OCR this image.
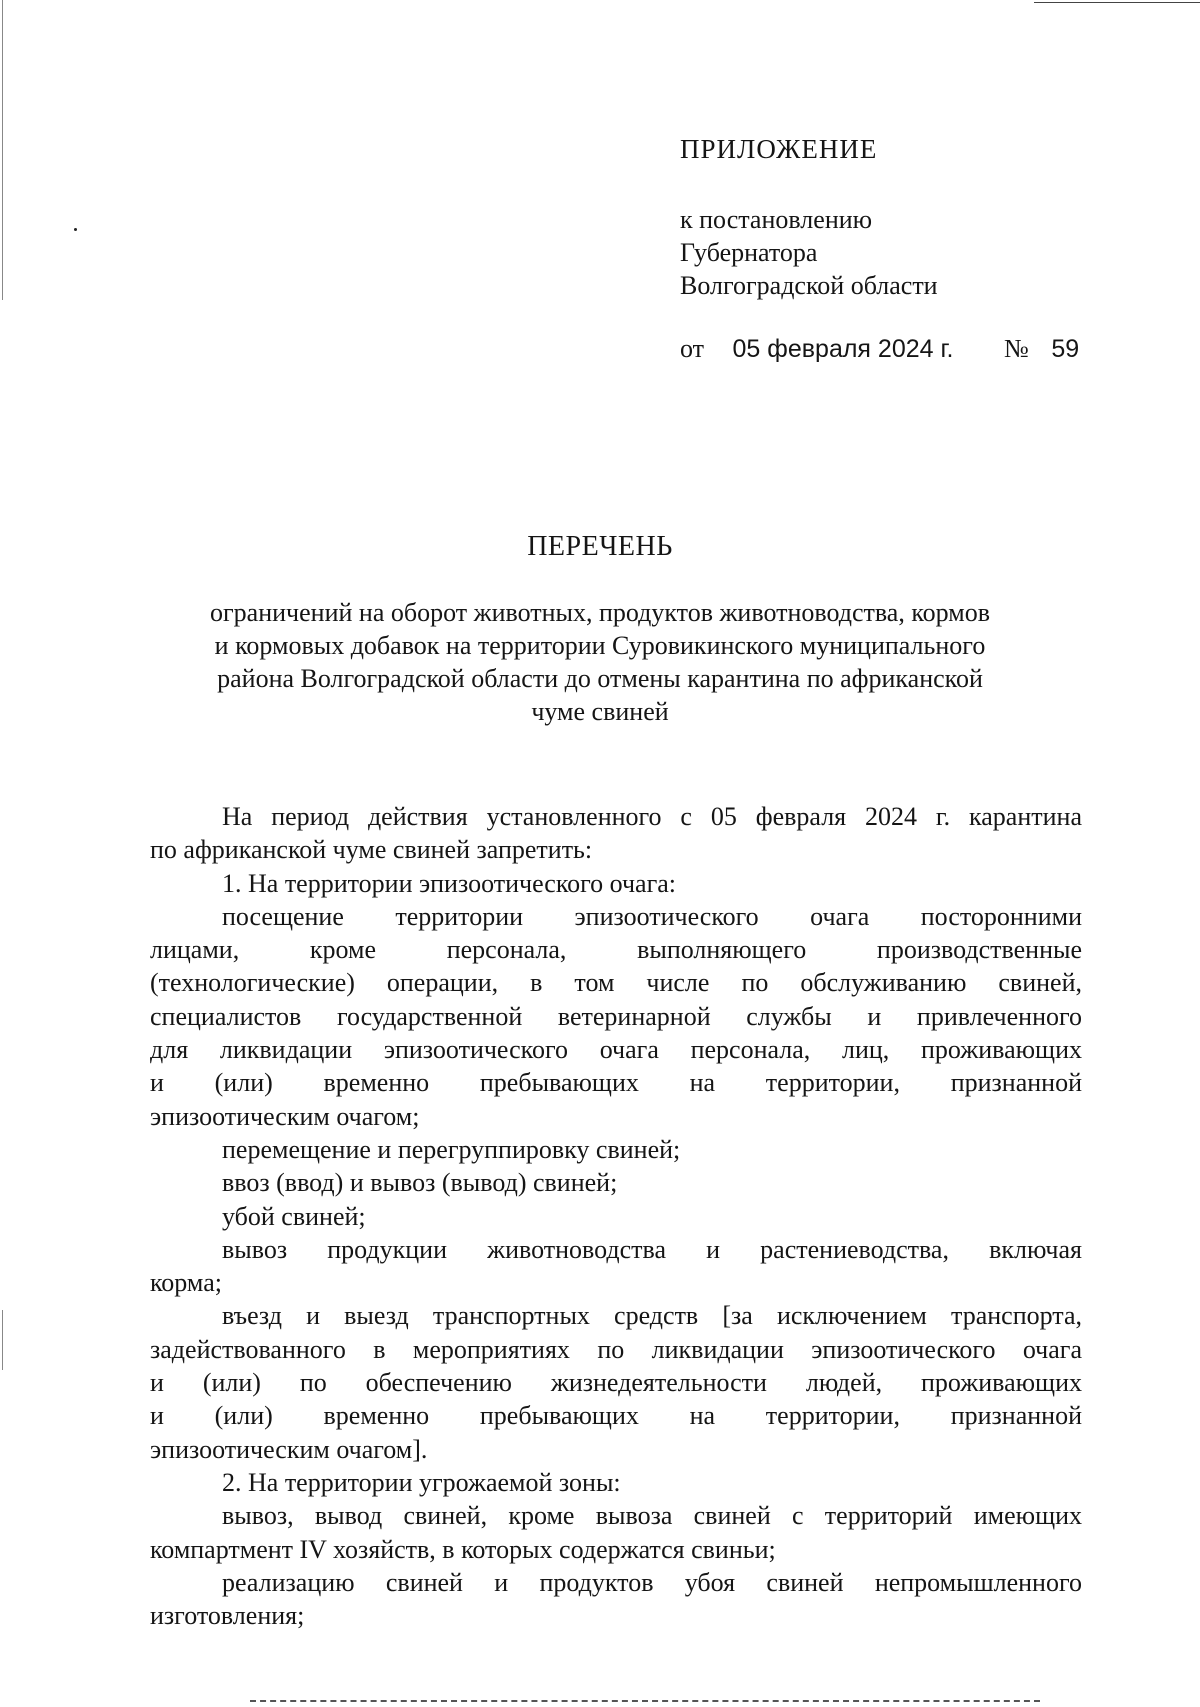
ПРИЛОЖЕНИЕ

к постановлению

Губернатора

Волгоградской области

от 05 февраля 2024 г. № 59
ПЕРЕЧЕНЬ
ограничений на оборот животных, продуктов животноводства, кормов
и кормовых добавок на территории Суровикинского муниципального
района Волгоградской области до отмены карантина по африканской
чуме свиней

На период действия установленного с 05 февраля 2024 г. карантина
по африканской чуме свиней запретить:

1. На территории эпизоотического очага:

посещение территории эпизоотического очага посторонними
лицами, кроме персонала, выполняющего производственные
(технологические) операции, в том числе по обслуживанию свиней,
специалистов государственной ветеринарной службы и привлеченного
для ликвидации эпизоотического очага персонала, лиц, проживающих
и (или) временно пребывающих на территории, признанной
эпизоотическим очагом;

перемещение и перегруппировку свиней;

ввоз (ввод) и вывоз (вывод) свиней;

убой свиней;

вывоз продукции животноводства и растениеводства, включая
корма;

въезд и выезд транспортных средств [за исключением транспорта,
задействованного в мероприятиях по ликвидации эпизоотического очага
и (или) по обеспечению жизнедеятельности людей, проживающих
и (или) временно пребывающих на территории, признанной
эпизоотическим очагом].

2. На территории угрожаемой зоны:

вывоз, вывод свиней, кроме вывоза свиней с территорий имеющих
компартмент IV хозяйств, в которых содержатся свиньи;

реализацию свиней и продуктов убоя свиней непромышленного
изготовления;
